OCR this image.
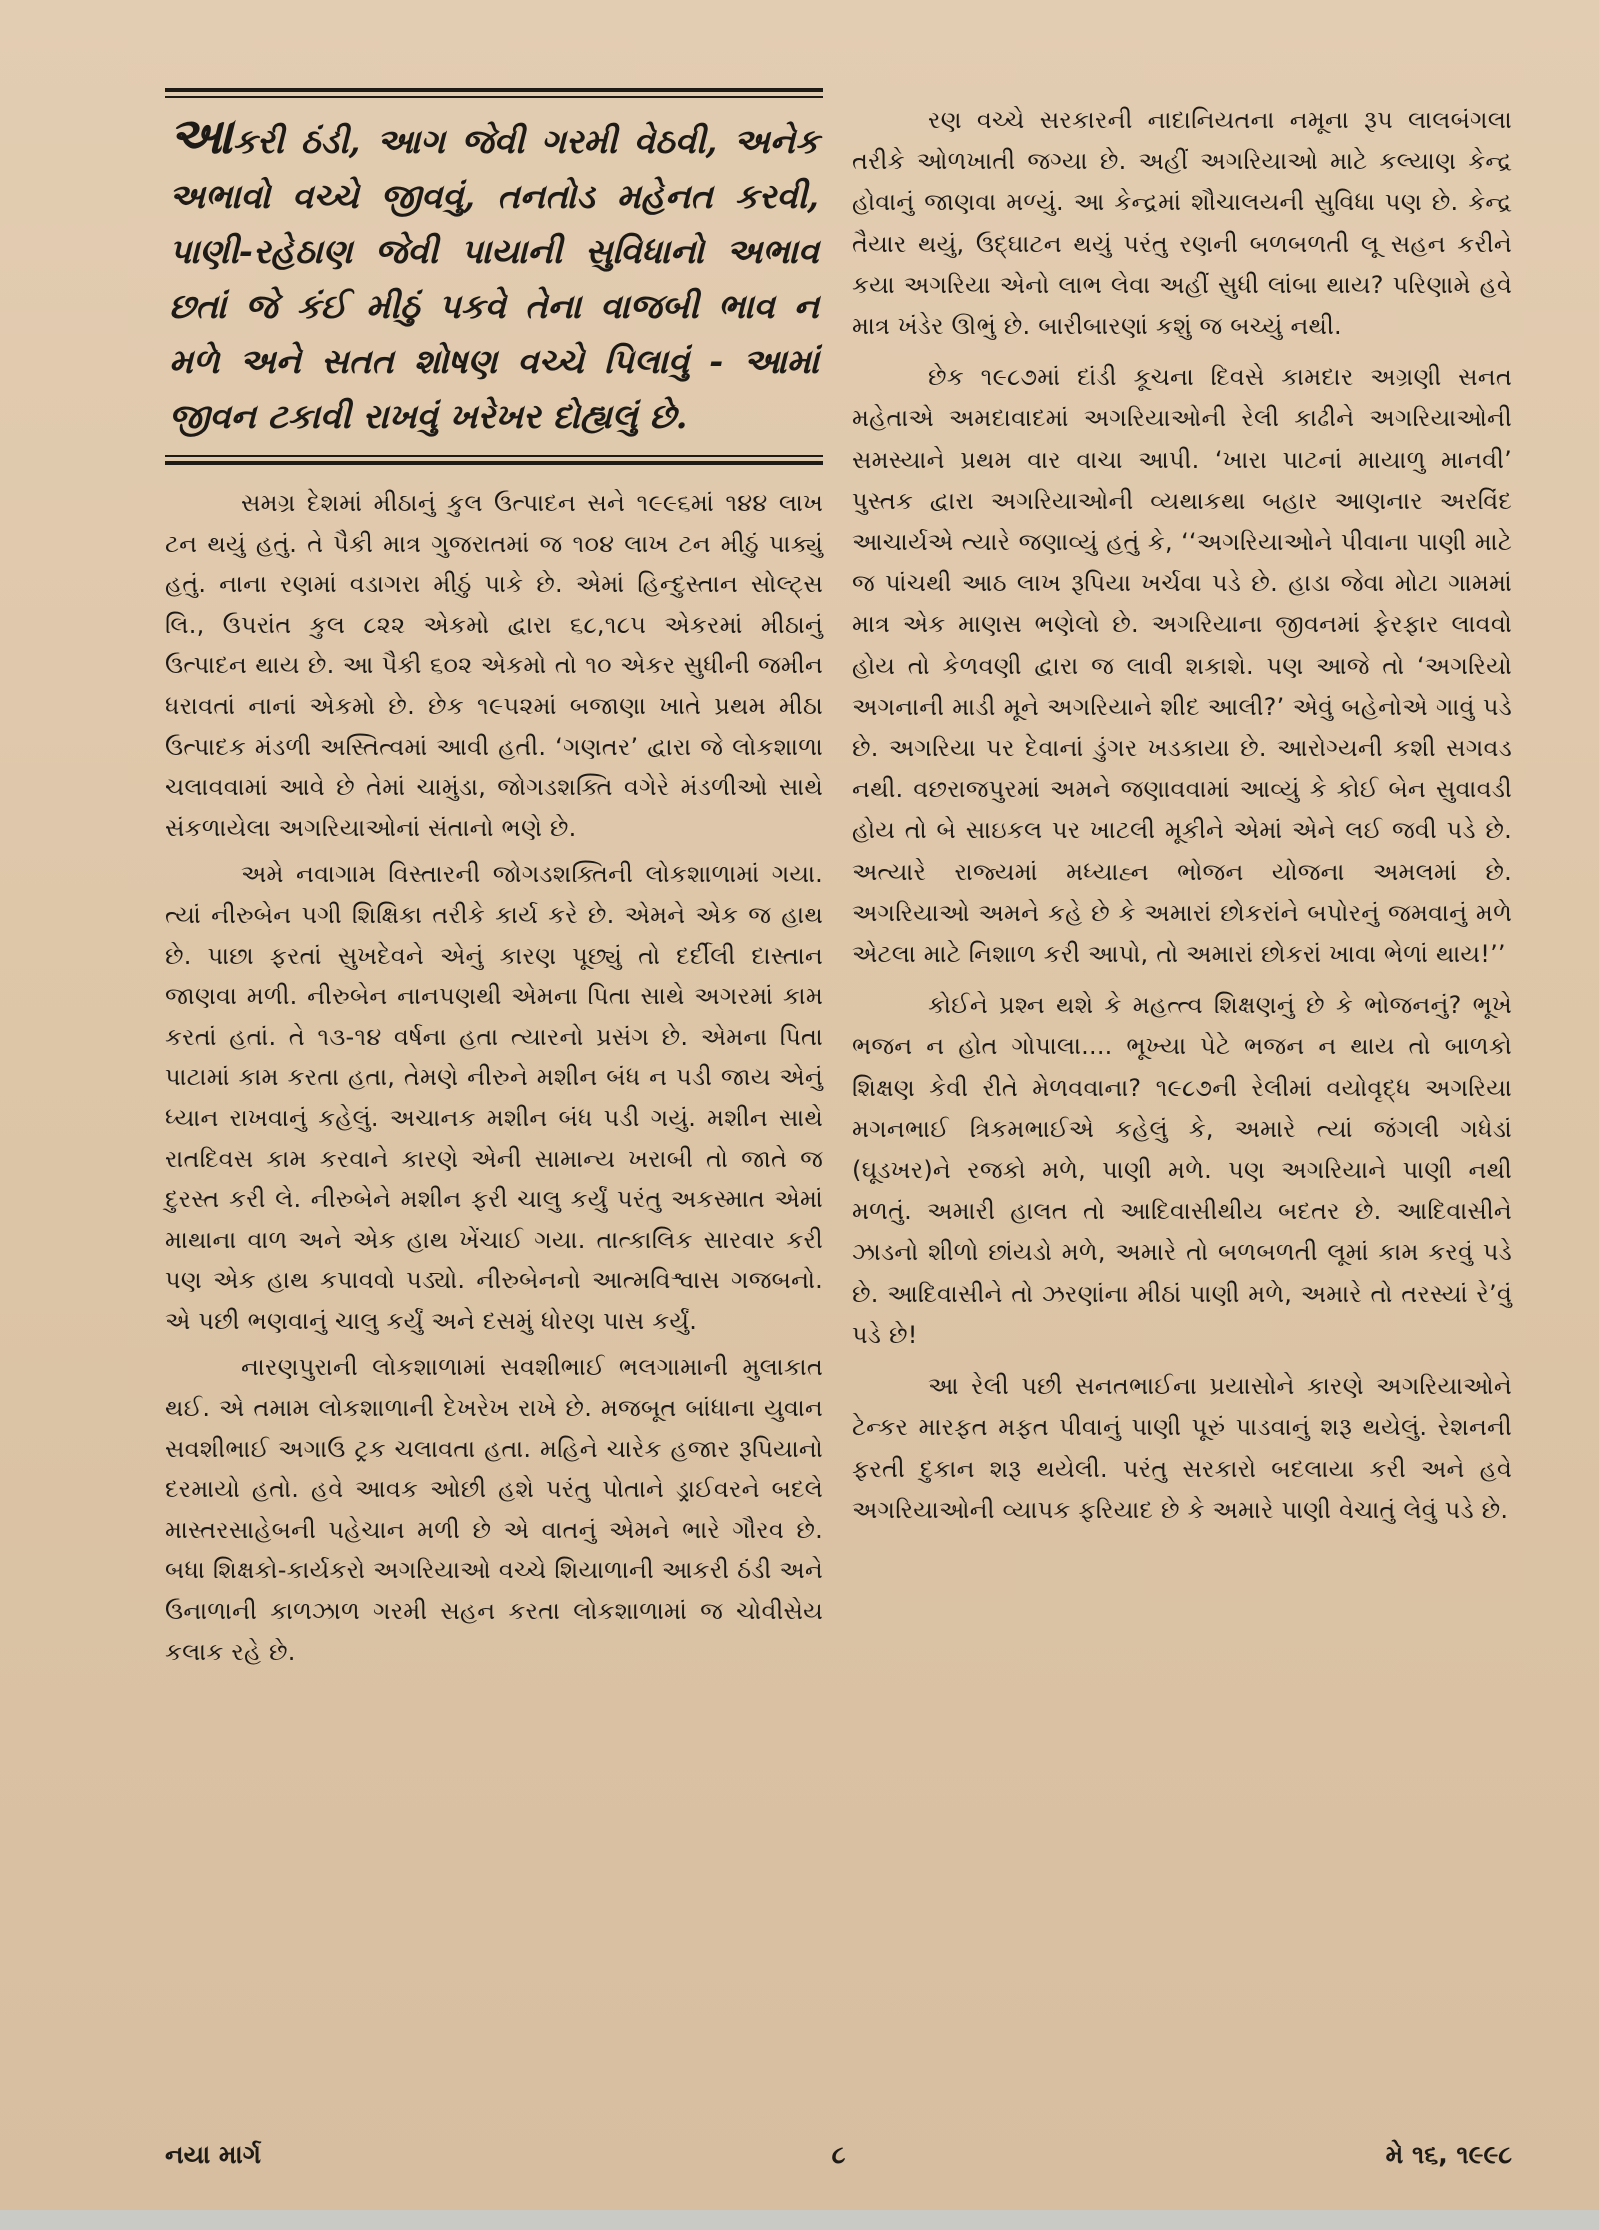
આકરી ઠંડી, આગ જેવી ગરમી વેઠવી, અનેક અભાવો વચ્ચે જીવવું, તનતોડ મહેનત કરવી, પાણી-રહેઠાણ જેવી પાયાની સુવિધાનો અભાવ છતાં જે કંઈ મીઠું પકવે તેના વાજબી ભાવ ન મળે અને સતત શોષણ વચ્ચે પિલાવું - આમાં જીવન ટકાવી રાખવું ખરેખર દોહ્યલું છે.

સમગ્ર દેશમાં મીઠાનું કુલ ઉત્પાદન સને ૧૯૯૬માં ૧૪૪ લાખ ટન થયું હતું. તે પૈકી માત્ર ગુજરાતમાં જ ૧૦૪ લાખ ટન મીઠું પાક્યું હતું. નાના રણમાં વડાગરા મીઠું પાકે છે. એમાં હિન્દુસ્તાન સોલ્ટ્સ લિ., ઉપરાંત કુલ ૮૨૨ એકમો દ્વારા ૬૮,૧૮૫ એકરમાં મીઠાનું ઉત્પાદન થાય છે. આ પૈકી ૬૦૨ એકમો તો ૧૦ એકર સુધીની જમીન ધરાવતાં નાનાં એકમો છે. છેક ૧૯૫૨માં બજાણા ખાતે પ્રથમ મીઠા ઉત્પાદક મંડળી અસ્તિત્વમાં આવી હતી. ‘ગણતર’ દ્વારા જે લોકશાળા ચલાવવામાં આવે છે તેમાં ચામુંડા, જોગડશક્તિ વગેરે મંડળીઓ સાથે સંકળાયેલા અગરિયાઓનાં સંતાનો ભણે છે.

અમે નવાગામ વિસ્તારની જોગડશક્તિની લોકશાળામાં ગયા. ત્યાં નીરુબેન પગી શિક્ષિકા તરીકે કાર્ય કરે છે. એમને એક જ હાથ છે. પાછા ફરતાં સુખદેવને એનું કારણ પૂછ્યું તો દર્દીલી દાસ્તાન જાણવા મળી. નીરુબેન નાનપણથી એમના પિતા સાથે અગરમાં કામ કરતાં હતાં. તે ૧૩-૧૪ વર્ષના હતા ત્યારનો પ્રસંગ છે. એમના પિતા પાટામાં કામ કરતા હતા, તેમણે નીરુને મશીન બંધ ન પડી જાય એનું ધ્યાન રાખવાનું કહેલું. અચાનક મશીન બંધ પડી ગયું. મશીન સાથે રાતદિવસ કામ કરવાને કારણે એની સામાન્ય ખરાબી તો જાતે જ દુરસ્ત કરી લે. નીરુબેને મશીન ફરી ચાલુ કર્યું પરંતુ અકસ્માત એમાં માથાના વાળ અને એક હાથ ખેંચાઈ ગયા. તાત્કાલિક સારવાર કરી પણ એક હાથ કપાવવો પડ્યો. નીરુબેનનો આત્મવિશ્વાસ ગજબનો. એ પછી ભણવાનું ચાલુ કર્યું અને દસમું ધોરણ પાસ કર્યું.

નારણપુરાની લોકશાળામાં સવશીભાઈ ભલગામાની મુલાકાત થઈ. એ તમામ લોકશાળાની દેખરેખ રાખે છે. મજબૂત બાંધાના યુવાન સવશીભાઈ અગાઉ ટ્રક ચલાવતા હતા. મહિને ચારેક હજાર રૂપિયાનો દરમાયો હતો. હવે આવક ઓછી હશે પરંતુ પોતાને ડ્રાઈવરને બદલે માસ્તરસાહેબની પહેચાન મળી છે એ વાતનું એમને ભારે ગૌરવ છે. બધા શિક્ષકો-કાર્યકરો અગરિયાઓ વચ્ચે શિયાળાની આકરી ઠંડી અને ઉનાળાની કાળઝાળ ગરમી સહન કરતા લોકશાળામાં જ ચોવીસેય કલાક રહે છે.

રણ વચ્ચે સરકારની નાદાનિયતના નમૂના રૂપ લાલબંગલા તરીકે ઓળખાતી જગ્યા છે. અહીં અગરિયાઓ માટે કલ્યાણ કેન્દ્ર હોવાનું જાણવા મળ્યું. આ કેન્દ્રમાં શૌચાલયની સુવિધા પણ છે. કેન્દ્ર તૈયાર થયું, ઉદ્ઘાટન થયું પરંતુ રણની બળબળતી લૂ સહન કરીને કયા અગરિયા એનો લાભ લેવા અહીં સુધી લાંબા થાય? પરિણામે હવે માત્ર ખંડેર ઊભું છે. બારીબારણાં કશું જ બચ્યું નથી.

છેક ૧૯૮૭માં દાંડી કૂચના દિવસે કામદાર અગ્રણી સનત મહેતાએ અમદાવાદમાં અગરિયાઓની રેલી કાઢીને અગરિયાઓની સમસ્યાને પ્રથમ વાર વાચા આપી. ‘ખારા પાટનાં માયાળુ માનવી’ પુસ્તક દ્વારા અગરિયાઓની વ્યથાકથા બહાર આણનાર અરવિંદ આચાર્યએ ત્યારે જણાવ્યું હતું કે, ‘‘અગરિયાઓને પીવાના પાણી માટે જ પાંચથી આઠ લાખ રૂપિયા ખર્ચવા પડે છે. હાડા જેવા મોટા ગામમાં માત્ર એક માણસ ભણેલો છે. અગરિયાના જીવનમાં ફેરફાર લાવવો હોય તો કેળવણી દ્વારા જ લાવી શકાશે. પણ આજે તો ‘અગરિયો અગનાની માડી મૂને અગરિયાને શીદ આલી?’ એવું બહેનોએ ગાવું પડે છે. અગરિયા પર દેવાનાં ડુંગર ખડકાયા છે. આરોગ્યની કશી સગવડ નથી. વછરાજપુરમાં અમને જણાવવામાં આવ્યું કે કોઈ બેન સુવાવડી હોય તો બે સાઇકલ પર ખાટલી મૂકીને એમાં એને લઈ જવી પડે છે. અત્યારે રાજ્યમાં મધ્યાહ્ન ભોજન યોજના અમલમાં છે. અગરિયાઓ અમને કહે છે કે અમારાં છોકરાંને બપોરનું જમવાનું મળે એટલા માટે નિશાળ કરી આપો, તો અમારાં છોકરાં ખાવા ભેળાં થાય!’’

કોઈને પ્રશ્ન થશે કે મહત્ત્વ શિક્ષણનું છે કે ભોજનનું? ભૂખે ભજન ન હોત ગોપાલા.... ભૂખ્યા પેટે ભજન ન થાય તો બાળકો શિક્ષણ કેવી રીતે મેળવવાના? ૧૯૮૭ની રેલીમાં વયોવૃદ્ધ અગરિયા મગનભાઈ ત્રિકમભાઈએ કહેલું કે, અમારે ત્યાં જંગલી ગધેડાં (ઘૂડખર)ને રજકો મળે, પાણી મળે. પણ અગરિયાને પાણી નથી મળતું. અમારી હાલત તો આદિવાસીથીય બદતર છે. આદિવાસીને ઝાડનો શીળો છાંયડો મળે, અમારે તો બળબળતી લૂમાં કામ કરવું પડે છે. આદિવાસીને તો ઝરણાંના મીઠાં પાણી મળે, અમારે તો તરસ્યાં રે’વું પડે છે!

આ રેલી પછી સનતભાઈના પ્રયાસોને કારણે અગરિયાઓને ટેન્કર મારફત મફત પીવાનું પાણી પૂરું પાડવાનું શરૂ થયેલું. રેશનની ફરતી દુકાન શરૂ થયેલી. પરંતુ સરકારો બદલાયા કરી અને હવે અગરિયાઓની વ્યાપક ફરિયાદ છે કે અમારે પાણી વેચાતું લેવું પડે છે.

નયા માર્ગ	૮	મે ૧૬, ૧૯૯૮
